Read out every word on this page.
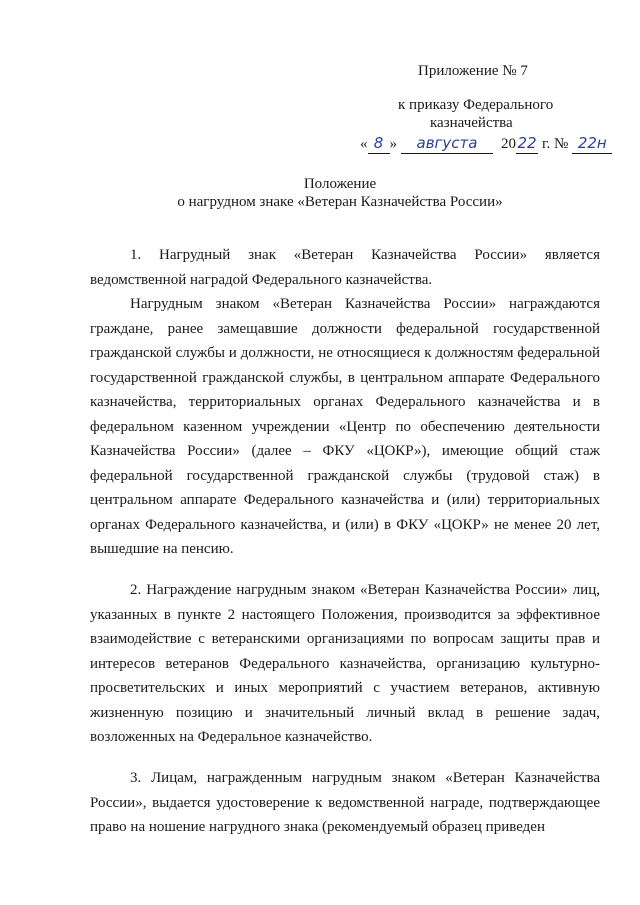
Приложение № 7
к приказу Федерального
казначейства
« 8 »	августа	20 22 г. № 22н
Положение
о нагрудном знаке «Ветеран Казначейства России»

1. Нагрудный знак «Ветеран Казначейства России» является ведомственной наградой Федерального казначейства.

Нагрудным знаком «Ветеран Казначейства России» награждаются граждане, ранее замещавшие должности федеральной государственной гражданской службы и должности, не относящиеся к должностям федеральной государственной гражданской службы, в центральном аппарате Федерального казначейства, территориальных органах Федерального казначейства и в федеральном казенном учреждении «Центр по обеспечению деятельности Казначейства России» (далее – ФКУ «ЦОКР»), имеющие общий стаж федеральной государственной гражданской службы (трудовой стаж) в центральном аппарате Федерального казначейства и (или) территориальных органах Федерального казначейства, и (или) в ФКУ «ЦОКР» не менее 20 лет, вышедшие на пенсию.

2. Награждение нагрудным знаком «Ветеран Казначейства России» лиц, указанных в пункте 2 настоящего Положения, производится за эффективное взаимодействие с ветеранскими организациями по вопросам защиты прав и интересов ветеранов Федерального казначейства, организацию культурно-просветительских и иных мероприятий с участием ветеранов, активную жизненную позицию и значительный личный вклад в решение задач, возложенных на Федеральное казначейство.

3. Лицам, награжденным нагрудным знаком «Ветеран Казначейства России», выдается удостоверение к ведомственной награде, подтверждающее право на ношение нагрудного знака (рекомендуемый образец приведен
